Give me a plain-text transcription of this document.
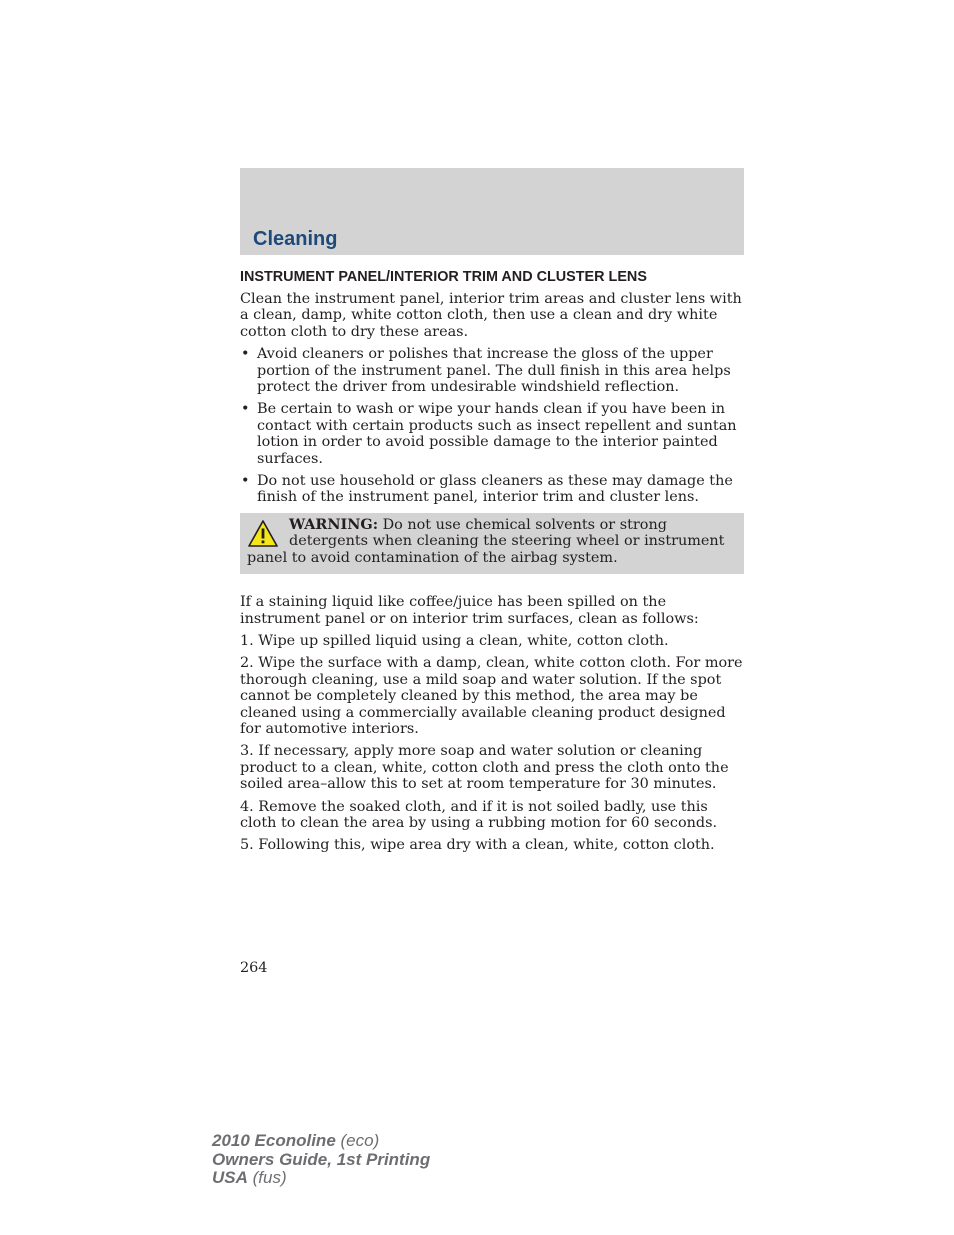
Cleaning
INSTRUMENT PANEL/INTERIOR TRIM AND CLUSTER LENS

Clean the instrument panel, interior trim areas and cluster lens with a clean, damp, white cotton cloth, then use a clean and dry white cotton cloth to dry these areas.

• Avoid cleaners or polishes that increase the gloss of the upper portion of the instrument panel. The dull finish in this area helps protect the driver from undesirable windshield reflection.
• Be certain to wash or wipe your hands clean if you have been in contact with certain products such as insect repellent and suntan lotion in order to avoid possible damage to the interior painted surfaces.
• Do not use household or glass cleaners as these may damage the finish of the instrument panel, interior trim and cluster lens.
WARNING: Do not use chemical solvents or strong detergents when cleaning the steering wheel or instrument panel to avoid contamination of the airbag system.

If a staining liquid like coffee/juice has been spilled on the instrument panel or on interior trim surfaces, clean as follows:

1. Wipe up spilled liquid using a clean, white, cotton cloth.

2. Wipe the surface with a damp, clean, white cotton cloth. For more thorough cleaning, use a mild soap and water solution. If the spot cannot be completely cleaned by this method, the area may be cleaned using a commercially available cleaning product designed for automotive interiors.

3. If necessary, apply more soap and water solution or cleaning product to a clean, white, cotton cloth and press the cloth onto the soiled area–allow this to set at room temperature for 30 minutes.

4. Remove the soaked cloth, and if it is not soiled badly, use this cloth to clean the area by using a rubbing motion for 60 seconds.

5. Following this, wipe area dry with a clean, white, cotton cloth.

264
2010 Econoline (eco)
Owners Guide, 1st Printing
USA (fus)
